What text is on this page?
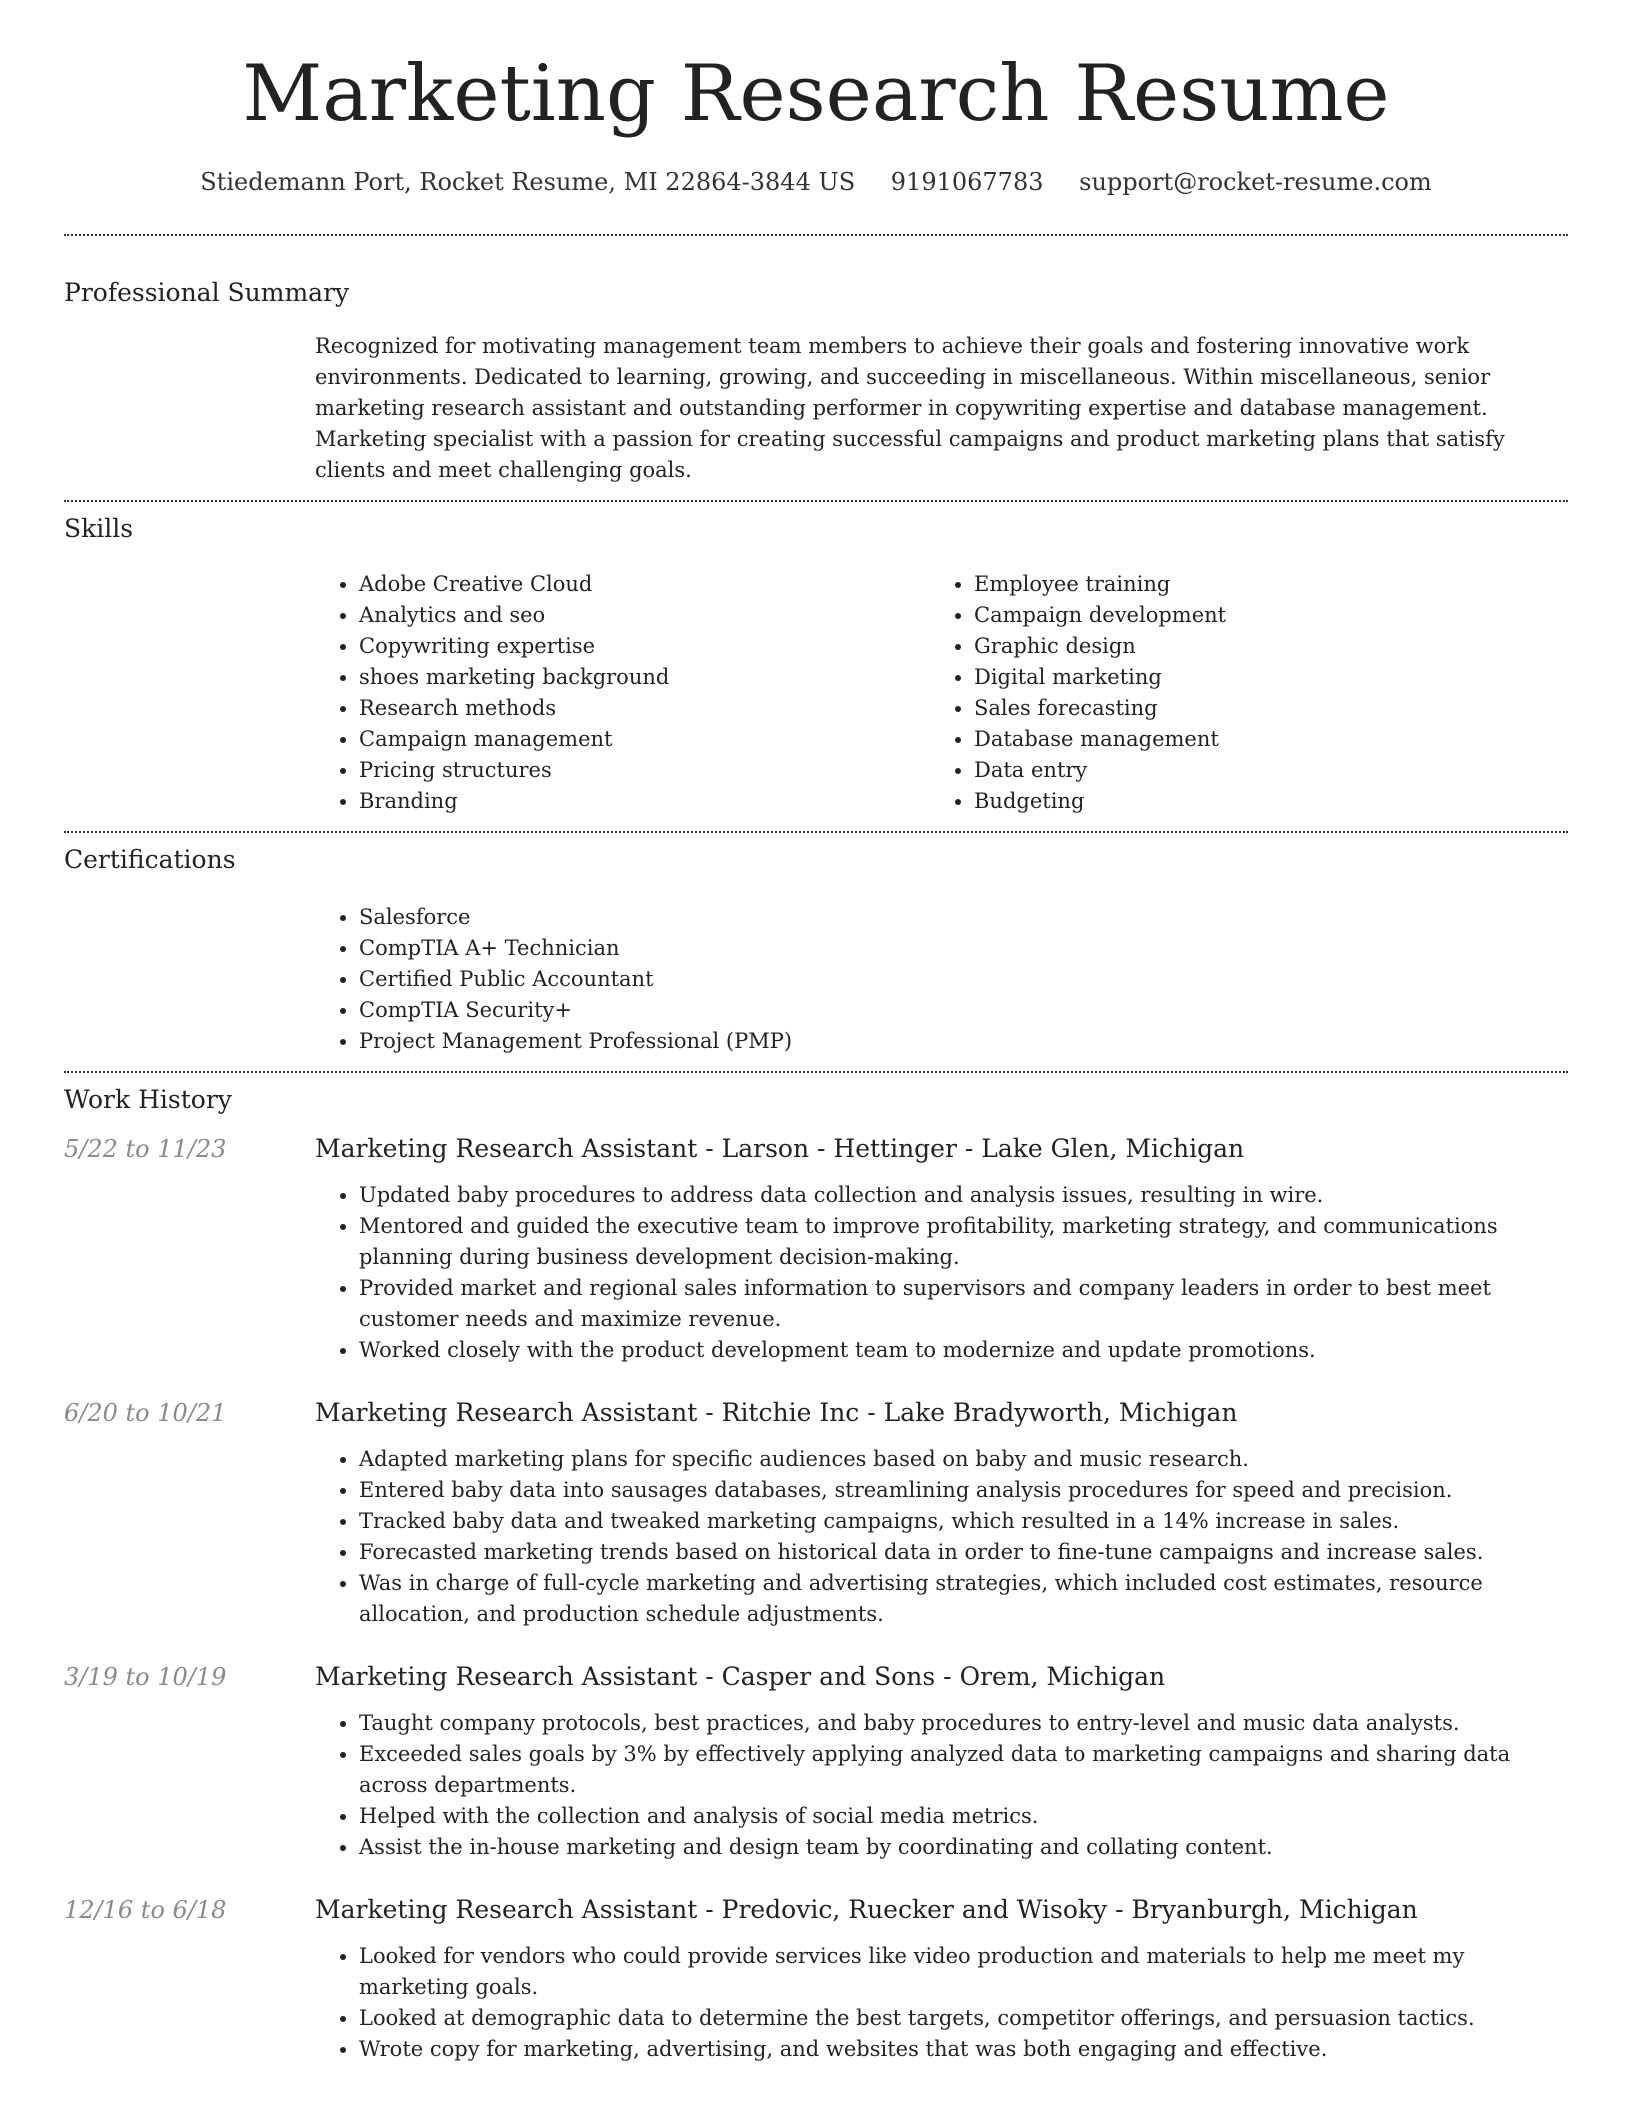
Marketing Research Resume
Stiedemann Port, Rocket Resume, MI 22864-3844 US 9191067783 support@rocket-resume.com
Professional Summary

Recognized for motivating management team members to achieve their goals and fostering innovative work environments. Dedicated to learning, growing, and succeeding in miscellaneous. Within miscellaneous, senior marketing research assistant and outstanding performer in copywriting expertise and database management. Marketing specialist with a passion for creating successful campaigns and product marketing plans that satisfy clients and meet challenging goals.

Skills
• Adobe Creative Cloud
• Analytics and seo
• Copywriting expertise
• shoes marketing background
• Research methods
• Campaign management
• Pricing structures
• Branding
• Employee training
• Campaign development
• Graphic design
• Digital marketing
• Sales forecasting
• Database management
• Data entry
• Budgeting
Certifications
• Salesforce
• CompTIA A+ Technician
• Certified Public Accountant
• CompTIA Security+
• Project Management Professional (PMP)
Work History
5/22 to 11/23	Marketing Research Assistant - Larson - Hettinger - Lake Glen, Michigan
• Updated baby procedures to address data collection and analysis issues, resulting in wire.
• Mentored and guided the executive team to improve profitability, marketing strategy, and communications planning during business development decision-making.
• Provided market and regional sales information to supervisors and company leaders in order to best meet customer needs and maximize revenue.
• Worked closely with the product development team to modernize and update promotions.
6/20 to 10/21	Marketing Research Assistant - Ritchie Inc - Lake Bradyworth, Michigan
• Adapted marketing plans for specific audiences based on baby and music research.
• Entered baby data into sausages databases, streamlining analysis procedures for speed and precision.
• Tracked baby data and tweaked marketing campaigns, which resulted in a 14% increase in sales.
• Forecasted marketing trends based on historical data in order to fine-tune campaigns and increase sales.
• Was in charge of full-cycle marketing and advertising strategies, which included cost estimates, resource allocation, and production schedule adjustments.
3/19 to 10/19	Marketing Research Assistant - Casper and Sons - Orem, Michigan
• Taught company protocols, best practices, and baby procedures to entry-level and music data analysts.
• Exceeded sales goals by 3% by effectively applying analyzed data to marketing campaigns and sharing data across departments.
• Helped with the collection and analysis of social media metrics.
• Assist the in-house marketing and design team by coordinating and collating content.
12/16 to 6/18	Marketing Research Assistant - Predovic, Ruecker and Wisoky - Bryanburgh, Michigan
• Looked for vendors who could provide services like video production and materials to help me meet my marketing goals.
• Looked at demographic data to determine the best targets, competitor offerings, and persuasion tactics.
• Wrote copy for marketing, advertising, and websites that was both engaging and effective.
